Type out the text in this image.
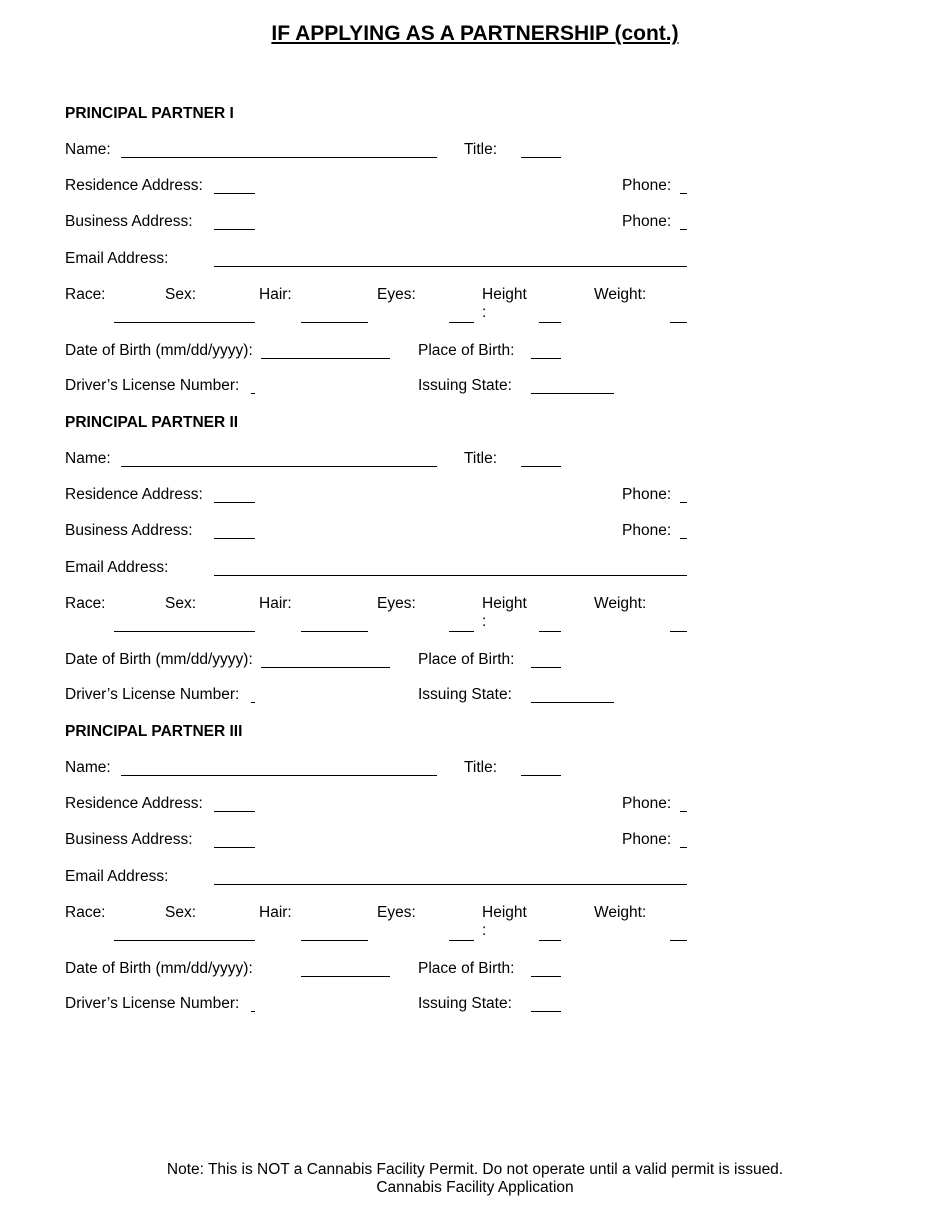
IF APPLYING AS A PARTNERSHIP (cont.)
PRINCIPAL PARTNER I
Name:	Title:
Residence Address:	Phone:
Business Address:	Phone:
Email Address:
Race:	Sex:	Hair:	Eyes:	Height	Weight:
:
Date of Birth (mm/dd/yyyy):	Place of Birth:
Driver’s License Number:	Issuing State:
PRINCIPAL PARTNER II
Name:	Title:
Residence Address:	Phone:
Business Address:	Phone:
Email Address:
Race:	Sex:	Hair:	Eyes:	Height	Weight:
:
Date of Birth (mm/dd/yyyy):	Place of Birth:
Driver’s License Number:	Issuing State:
PRINCIPAL PARTNER III
Name:	Title:
Residence Address:	Phone:
Business Address:	Phone:
Email Address:
Race:	Sex:	Hair:	Eyes:	Height	Weight:
:
Date of Birth (mm/dd/yyyy):	Place of Birth:
Driver’s License Number:	Issuing State:
Note: This is NOT a Cannabis Facility Permit. Do not operate until a valid permit is issued.
Cannabis Facility Application
